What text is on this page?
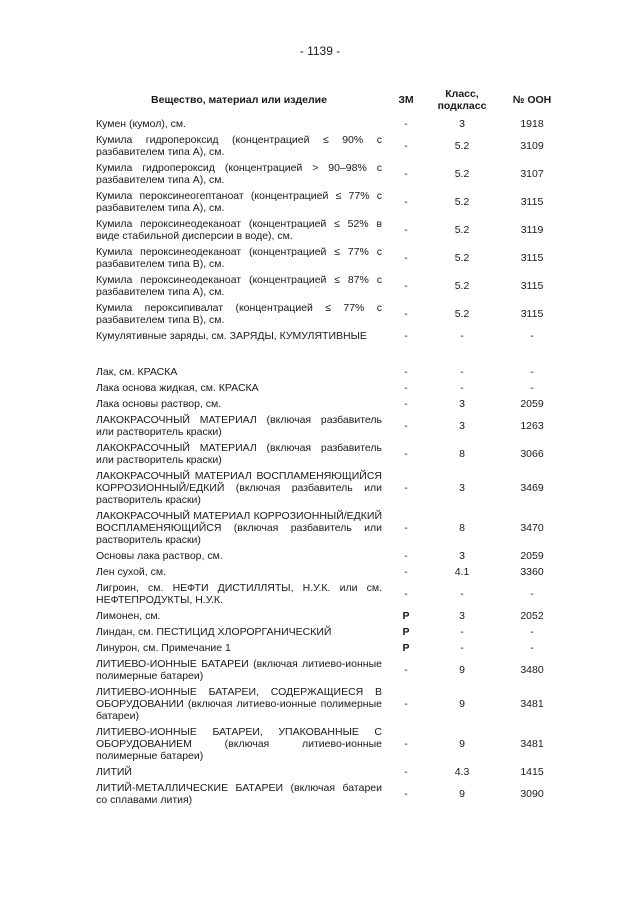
- 1139 -
Вещество, материал или изделие	ЗМ	Класс, подкласс	№ ООН
Кумен (кумол), см.	-	3	1918
Кумила гидропероксид (концентрацией ≤ 90% с разбавителем типа А), см.	-	5.2	3109
Кумила гидропероксид (концентрацией > 90–98% с разбавителем типа А), см.	-	5.2	3107
Кумила пероксинеогептаноат (концентрацией ≤ 77% с разбавителем типа А), см.	-	5.2	3115
Кумила пероксинеодеканоат (концентрацией ≤ 52% в виде стабильной дисперсии в воде), см.	-	5.2	3119
Кумила пероксинеодеканоат (концентрацией ≤ 77% с разбавителем типа В), см.	-	5.2	3115
Кумила пероксинеодеканоат (концентрацией ≤ 87% с разбавителем типа А), см.	-	5.2	3115
Кумила пероксипивалат (концентрацией ≤ 77% с разбавителем типа В), см.	-	5.2	3115
Кумулятивные заряды, см. ЗАРЯДЫ, КУМУЛЯТИВНЫЕ	-	-	-

Лак, см. КРАСКА	-	-	-
Лака основа жидкая, см. КРАСКА	-	-	-
Лака основы раствор, см.	-	3	2059
ЛАКОКРАСОЧНЫЙ МАТЕРИАЛ (включая разбавитель или растворитель краски)	-	3	1263
ЛАКОКРАСОЧНЫЙ МАТЕРИАЛ (включая разбавитель или растворитель краски)	-	8	3066
ЛАКОКРАСОЧНЫЙ МАТЕРИАЛ ВОСПЛАМЕНЯЮЩИЙСЯ КОРРОЗИОННЫЙ/ЕДКИЙ (включая разбавитель или растворитель краски)	-	3	3469
ЛАКОКРАСОЧНЫЙ МАТЕРИАЛ КОРРОЗИОННЫЙ/ЕДКИЙ ВОСПЛАМЕНЯЮЩИЙСЯ (включая разбавитель или растворитель краски)	-	8	3470
Основы лака раствор, см.	-	3	2059
Лен сухой, см.	-	4.1	3360
Лигроин, см. НЕФТИ ДИСТИЛЛЯТЫ, Н.У.К. или см. НЕФТЕПРОДУКТЫ, Н.У.К.	-	-	-
Лимонен, см.	P	3	2052
Линдан, см. ПЕСТИЦИД ХЛОРОРГАНИЧЕСКИЙ	P	-	-
Линурон, см. Примечание 1	P	-	-
ЛИТИЕВО-ИОННЫЕ БАТАРЕИ (включая литиево-ионные полимерные батареи)	-	9	3480
ЛИТИЕВО-ИОННЫЕ БАТАРЕИ, СОДЕРЖАЩИЕСЯ В ОБОРУДОВАНИИ (включая литиево-ионные полимерные батареи)	-	9	3481
ЛИТИЕВО-ИОННЫЕ БАТАРЕИ, УПАКОВАННЫЕ С ОБОРУДОВАНИЕМ (включая литиево-ионные полимерные батареи)	-	9	3481
ЛИТИЙ	-	4.3	1415
ЛИТИЙ-МЕТАЛЛИЧЕСКИЕ БАТАРЕИ (включая батареи со сплавами лития)	-	9	3090
